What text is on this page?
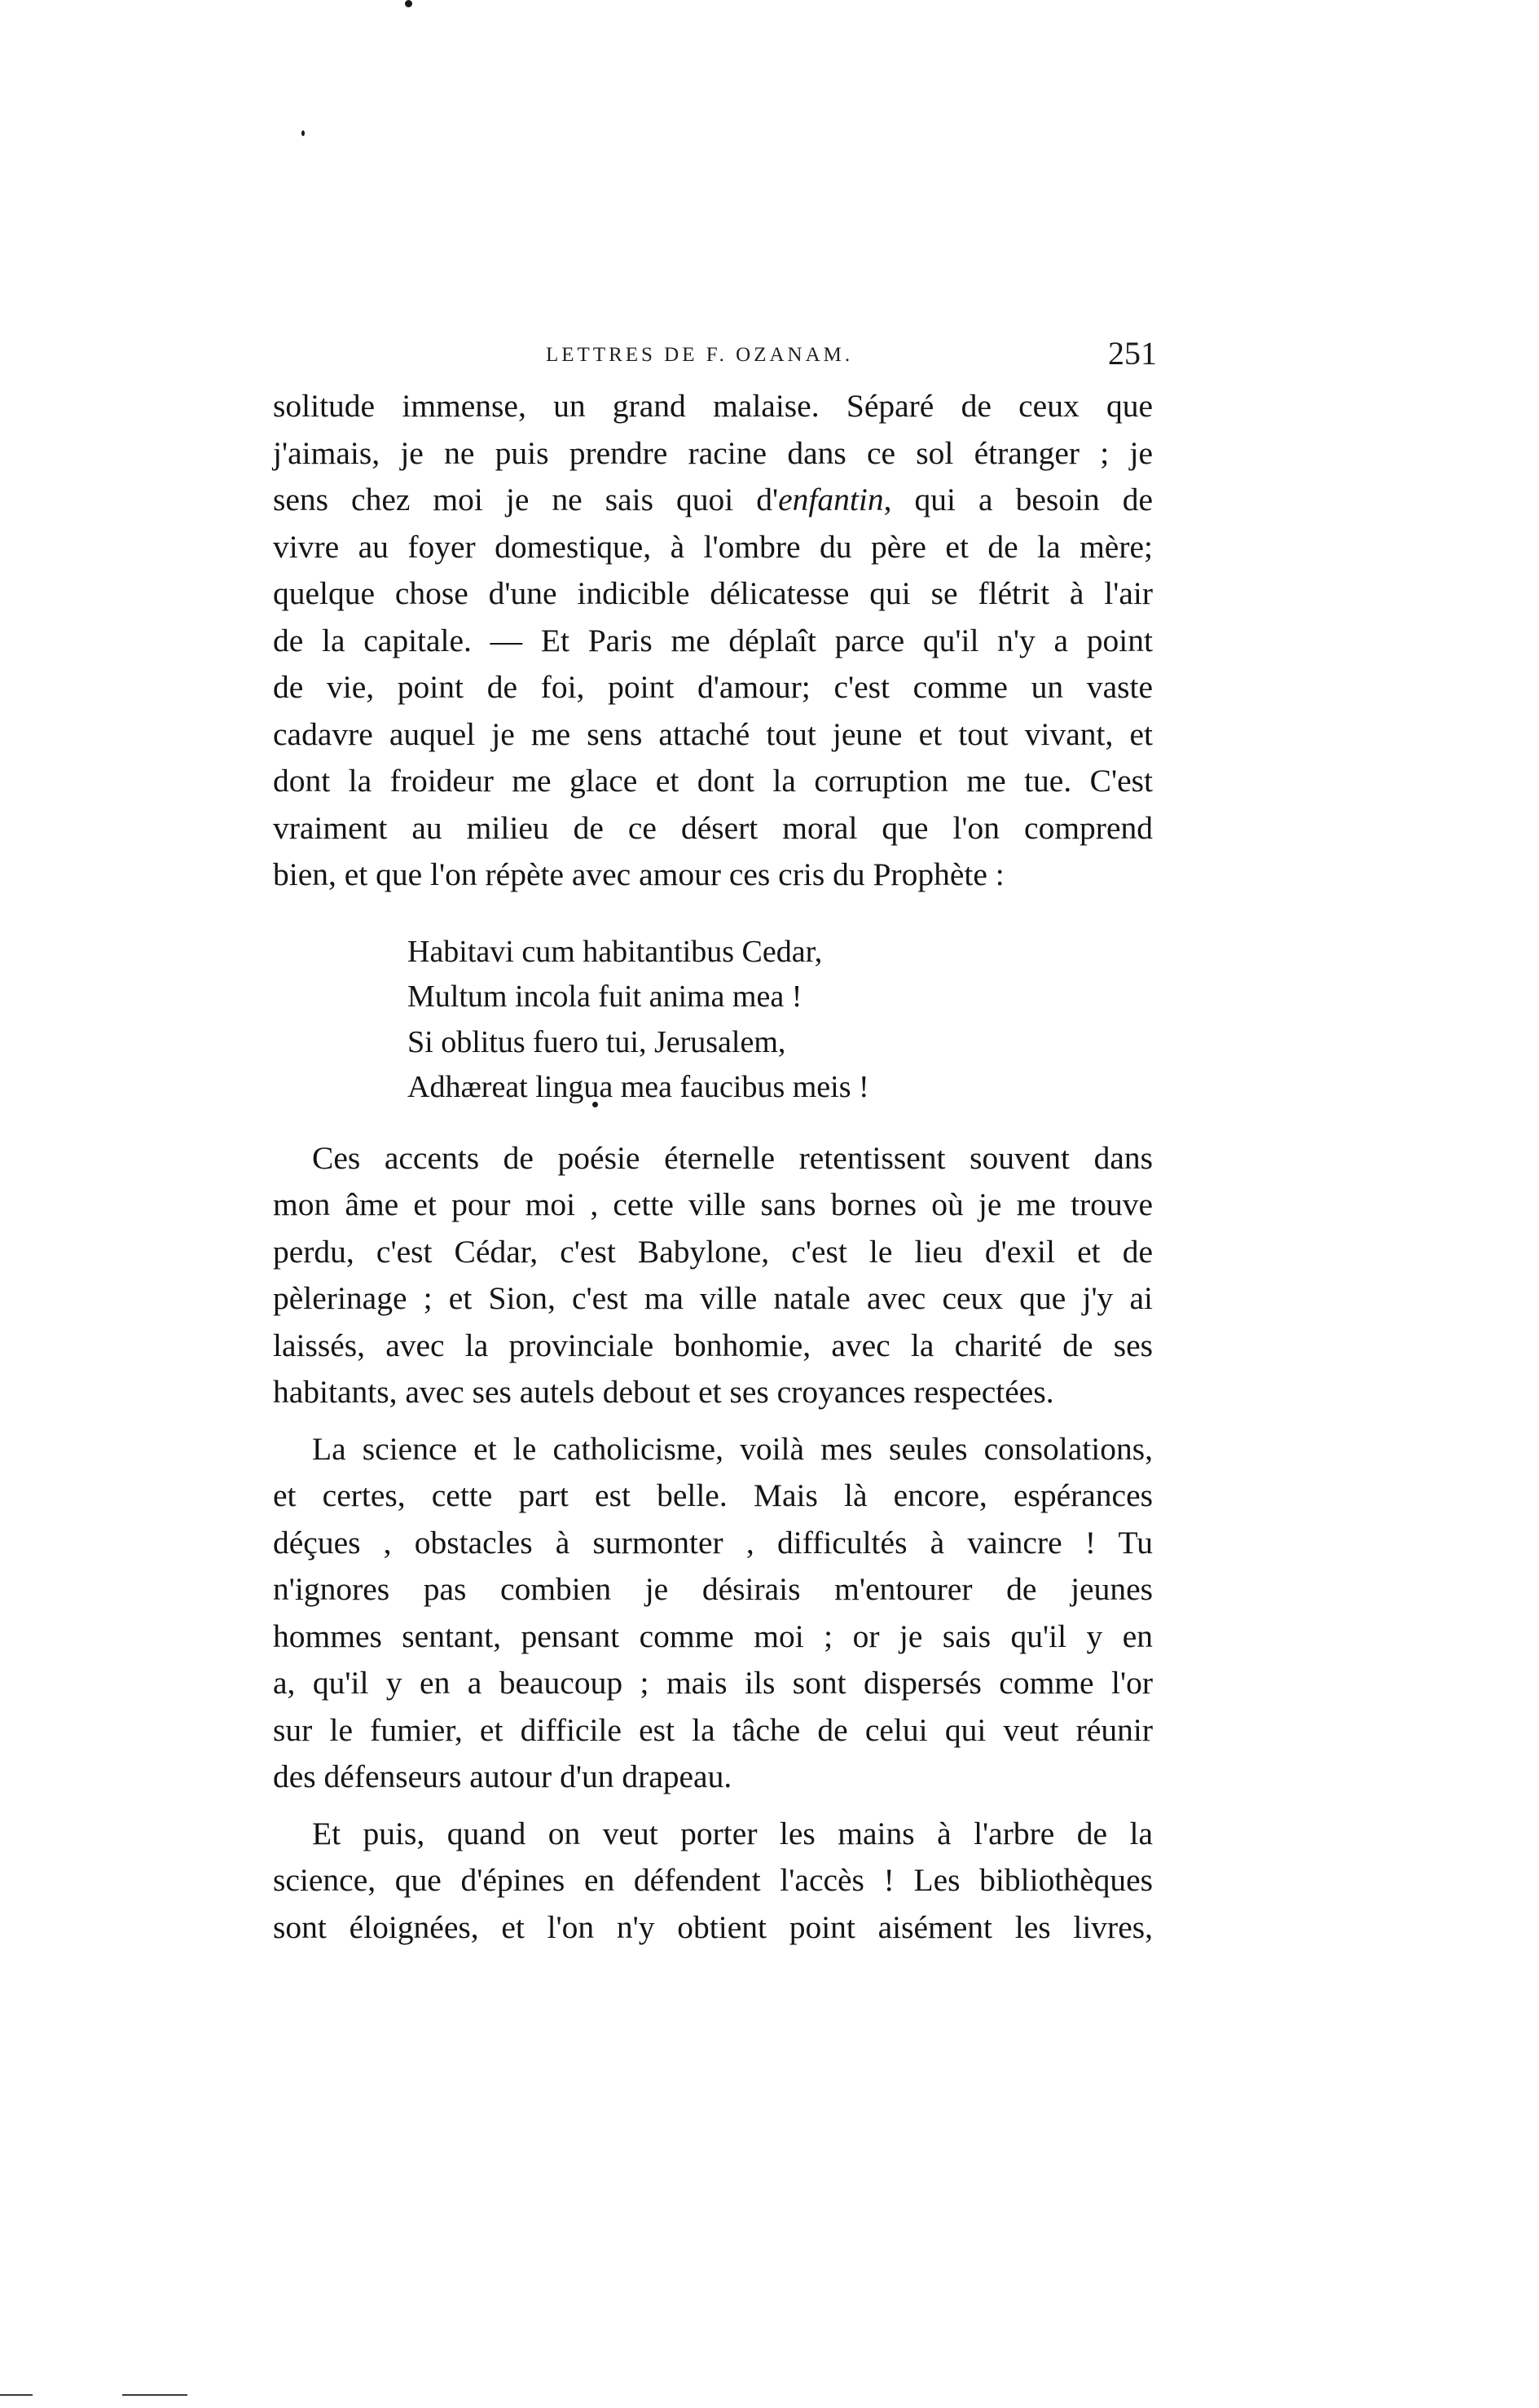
LETTRES DE F. OZANAM.	251
solitude immense, un grand malaise. Séparé de ceux que
j'aimais, je ne puis prendre racine dans ce sol étranger ; je
sens chez moi je ne sais quoi d'enfantin, qui a besoin de
vivre au foyer domestique, à l'ombre du père et de la mère;
quelque chose d'une indicible délicatesse qui se flétrit à l'air
de la capitale. — Et Paris me déplaît parce qu'il n'y a point
de vie, point de foi, point d'amour; c'est comme un vaste
cadavre auquel je me sens attaché tout jeune et tout vivant, et
dont la froideur me glace et dont la corruption me tue. C'est
vraiment au milieu de ce désert moral que l'on comprend
bien, et que l'on répète avec amour ces cris du Prophète :
Habitavi cum habitantibus Cedar,
Multum incola fuit anima mea !
Si oblitus fuero tui, Jerusalem,
Adhæreat lingua mea faucibus meis !
Ces accents de poésie éternelle retentissent souvent dans
mon âme et pour moi , cette ville sans bornes où je me trouve
perdu, c'est Cédar, c'est Babylone, c'est le lieu d'exil et de
pèlerinage ; et Sion, c'est ma ville natale avec ceux que j'y ai
laissés, avec la provinciale bonhomie, avec la charité de ses
habitants, avec ses autels debout et ses croyances respectées.
La science et le catholicisme, voilà mes seules consolations,
et certes, cette part est belle. Mais là encore, espérances
déçues , obstacles à surmonter , difficultés à vaincre ! Tu
n'ignores pas combien je désirais m'entourer de jeunes
hommes sentant, pensant comme moi ; or je sais qu'il y en
a, qu'il y en a beaucoup ; mais ils sont dispersés comme l'or
sur le fumier, et difficile est la tâche de celui qui veut réunir
des défenseurs autour d'un drapeau.
Et puis, quand on veut porter les mains à l'arbre de la
science, que d'épines en défendent l'accès ! Les bibliothèques
sont éloignées, et l'on n'y obtient point aisément les livres,
